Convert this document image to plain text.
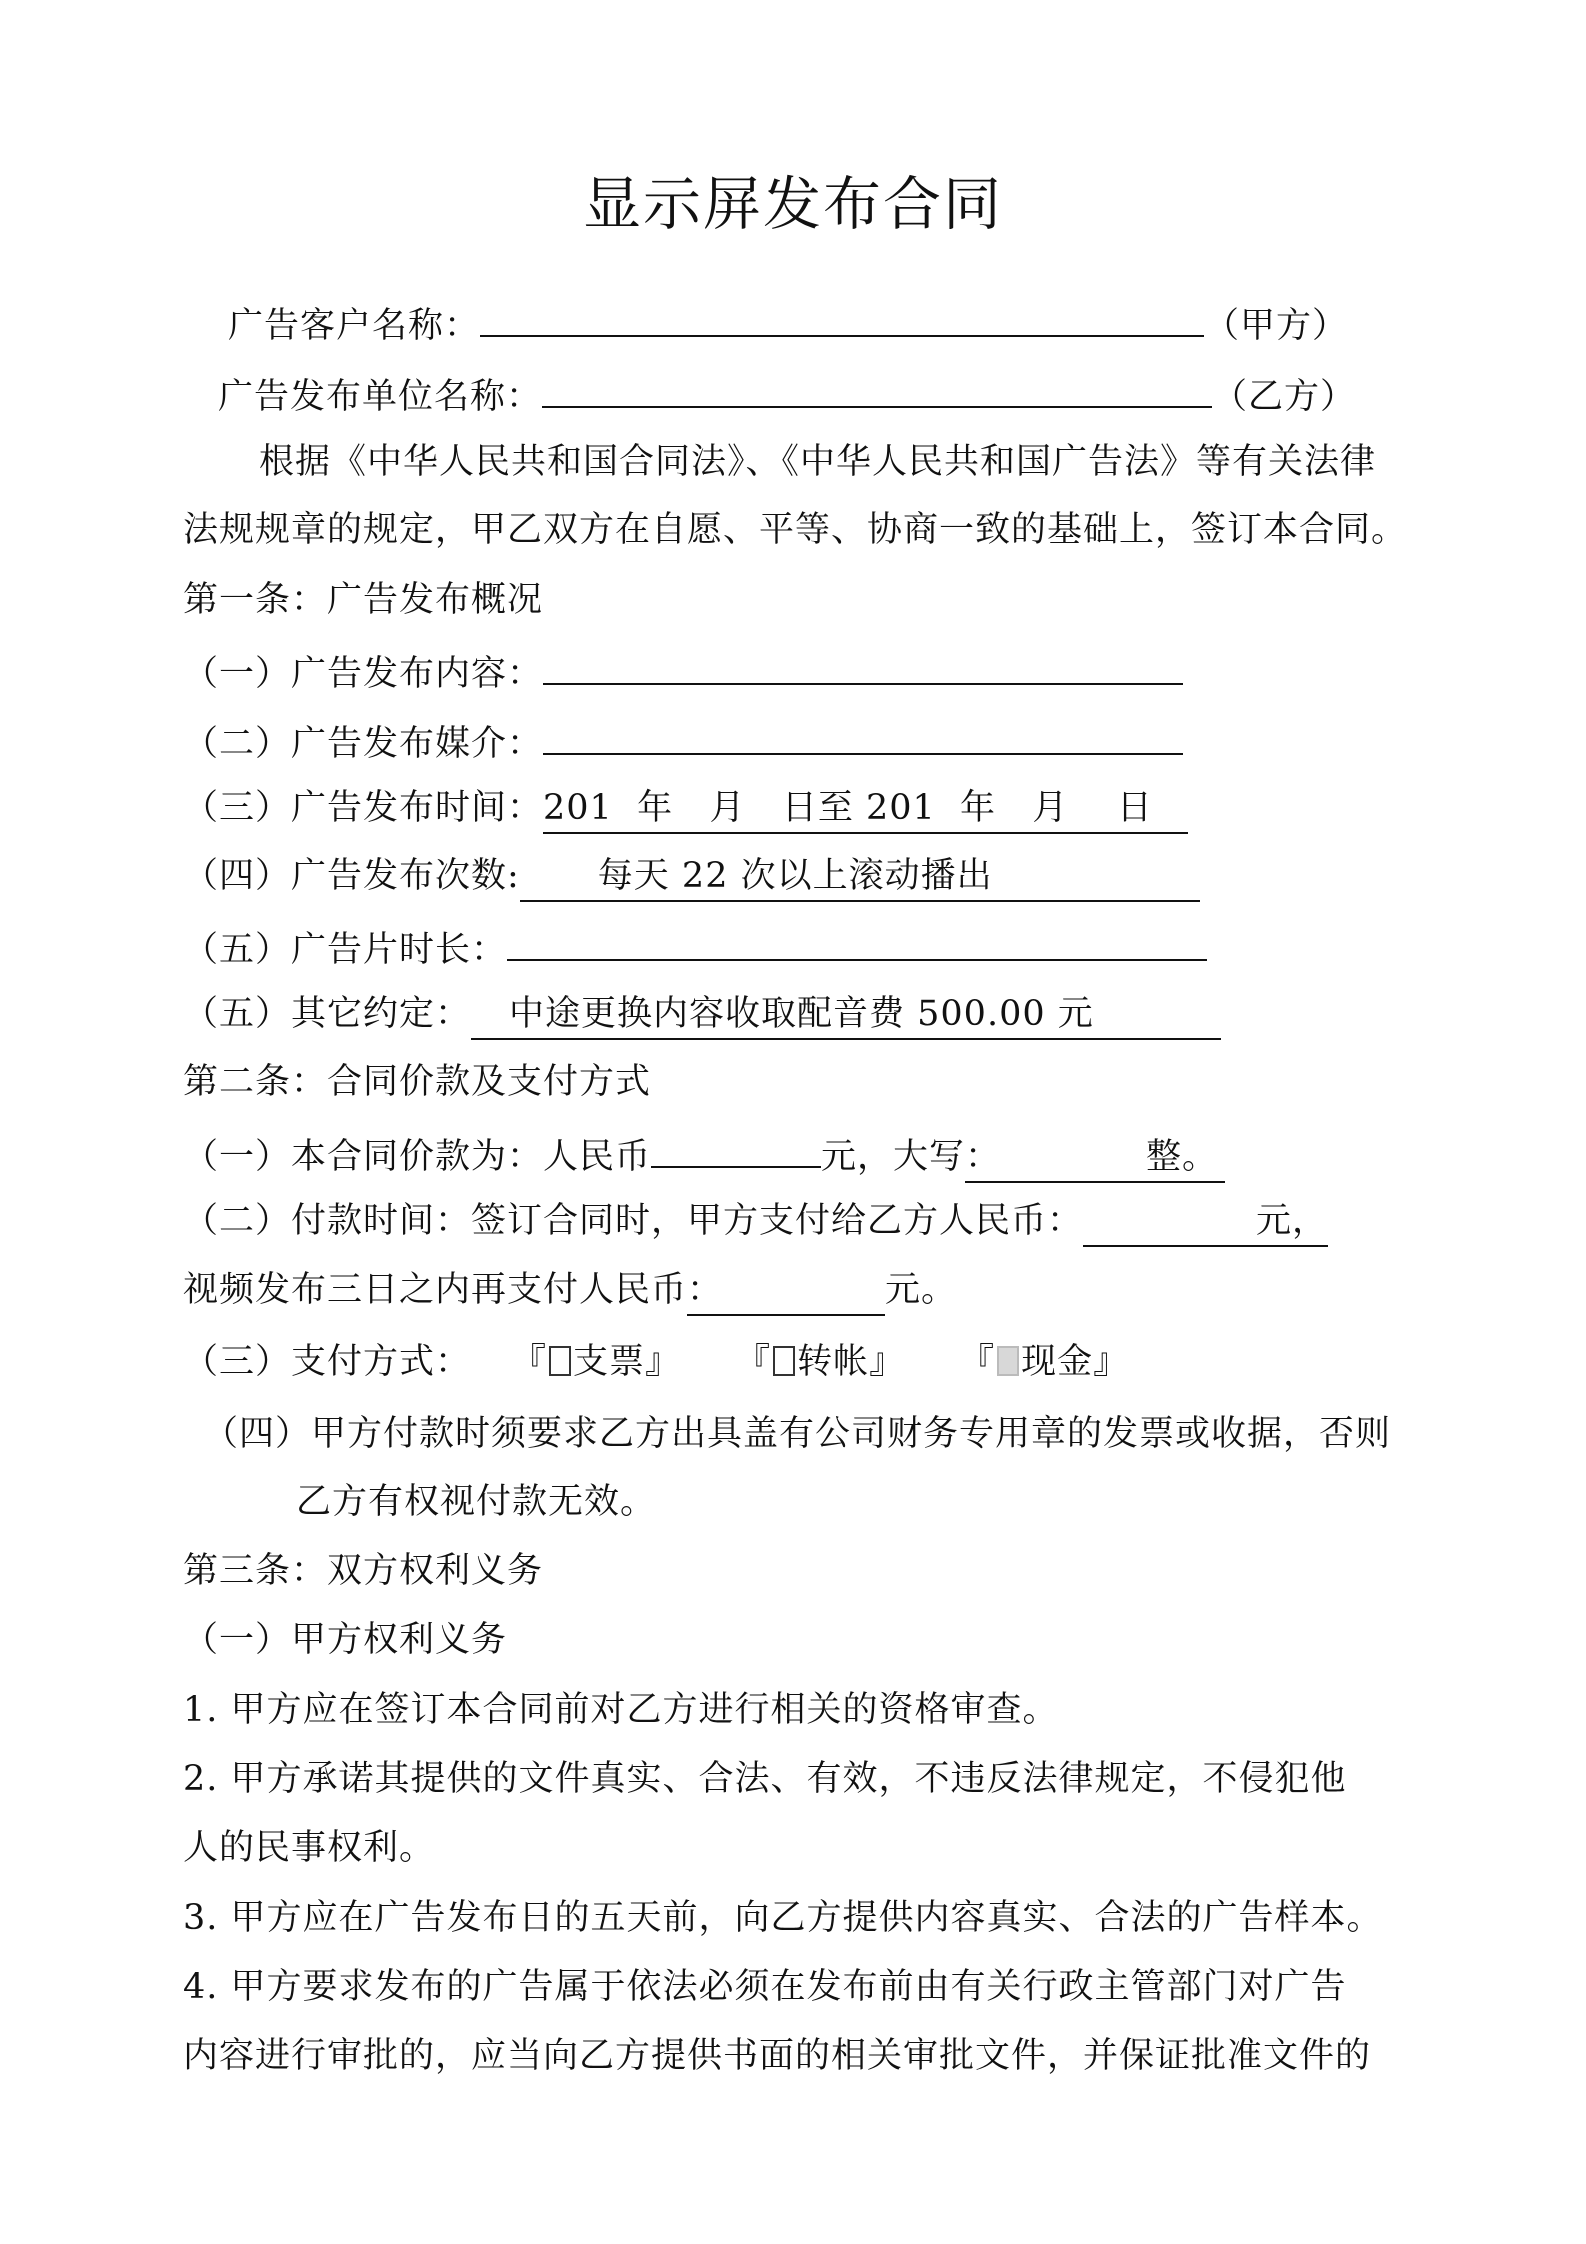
显示屏发布合同
广告客户名称：	（甲方）
广告发布单位名称：	（乙方）
根据《中华人民共和国合同法》、《中华人民共和国广告法》等有关法律
法规规章的规定，甲乙双方在自愿、平等、协商一致的基础上，签订本合同。
第一条：广告发布概况
（一）广告发布内容：
（二）广告发布媒介：
（三）广告发布时间：201  年   月   日至 201  年   月    日
（四）广告发布次数: 每天 22 次以上滚动播出
（五）广告片时长：
（五）其它约定： 中途更换内容收取配音费 500.00 元
第二条：合同价款及支付方式
（一）本合同价款为：人民币	元，大写：	整。
（二）付款时间：签订合同时，甲方支付给乙方人民币：	元，
视频发布三日之内再支付人民币：	元。
（三）支付方式： 『 支票』 『 转帐』 『 现金』
（四）甲方付款时须要求乙方出具盖有公司财务专用章的发票或收据，否则
乙方有权视付款无效。
第三条：双方权利义务
（一）甲方权利义务
1. 甲方应在签订本合同前对乙方进行相关的资格审查。
2. 甲方承诺其提供的文件真实、合法、有效，不违反法律规定，不侵犯他
人的民事权利。
3. 甲方应在广告发布日的五天前，向乙方提供内容真实、合法的广告样本。
4. 甲方要求发布的广告属于依法必须在发布前由有关行政主管部门对广告
内容进行审批的，应当向乙方提供书面的相关审批文件，并保证批准文件的
